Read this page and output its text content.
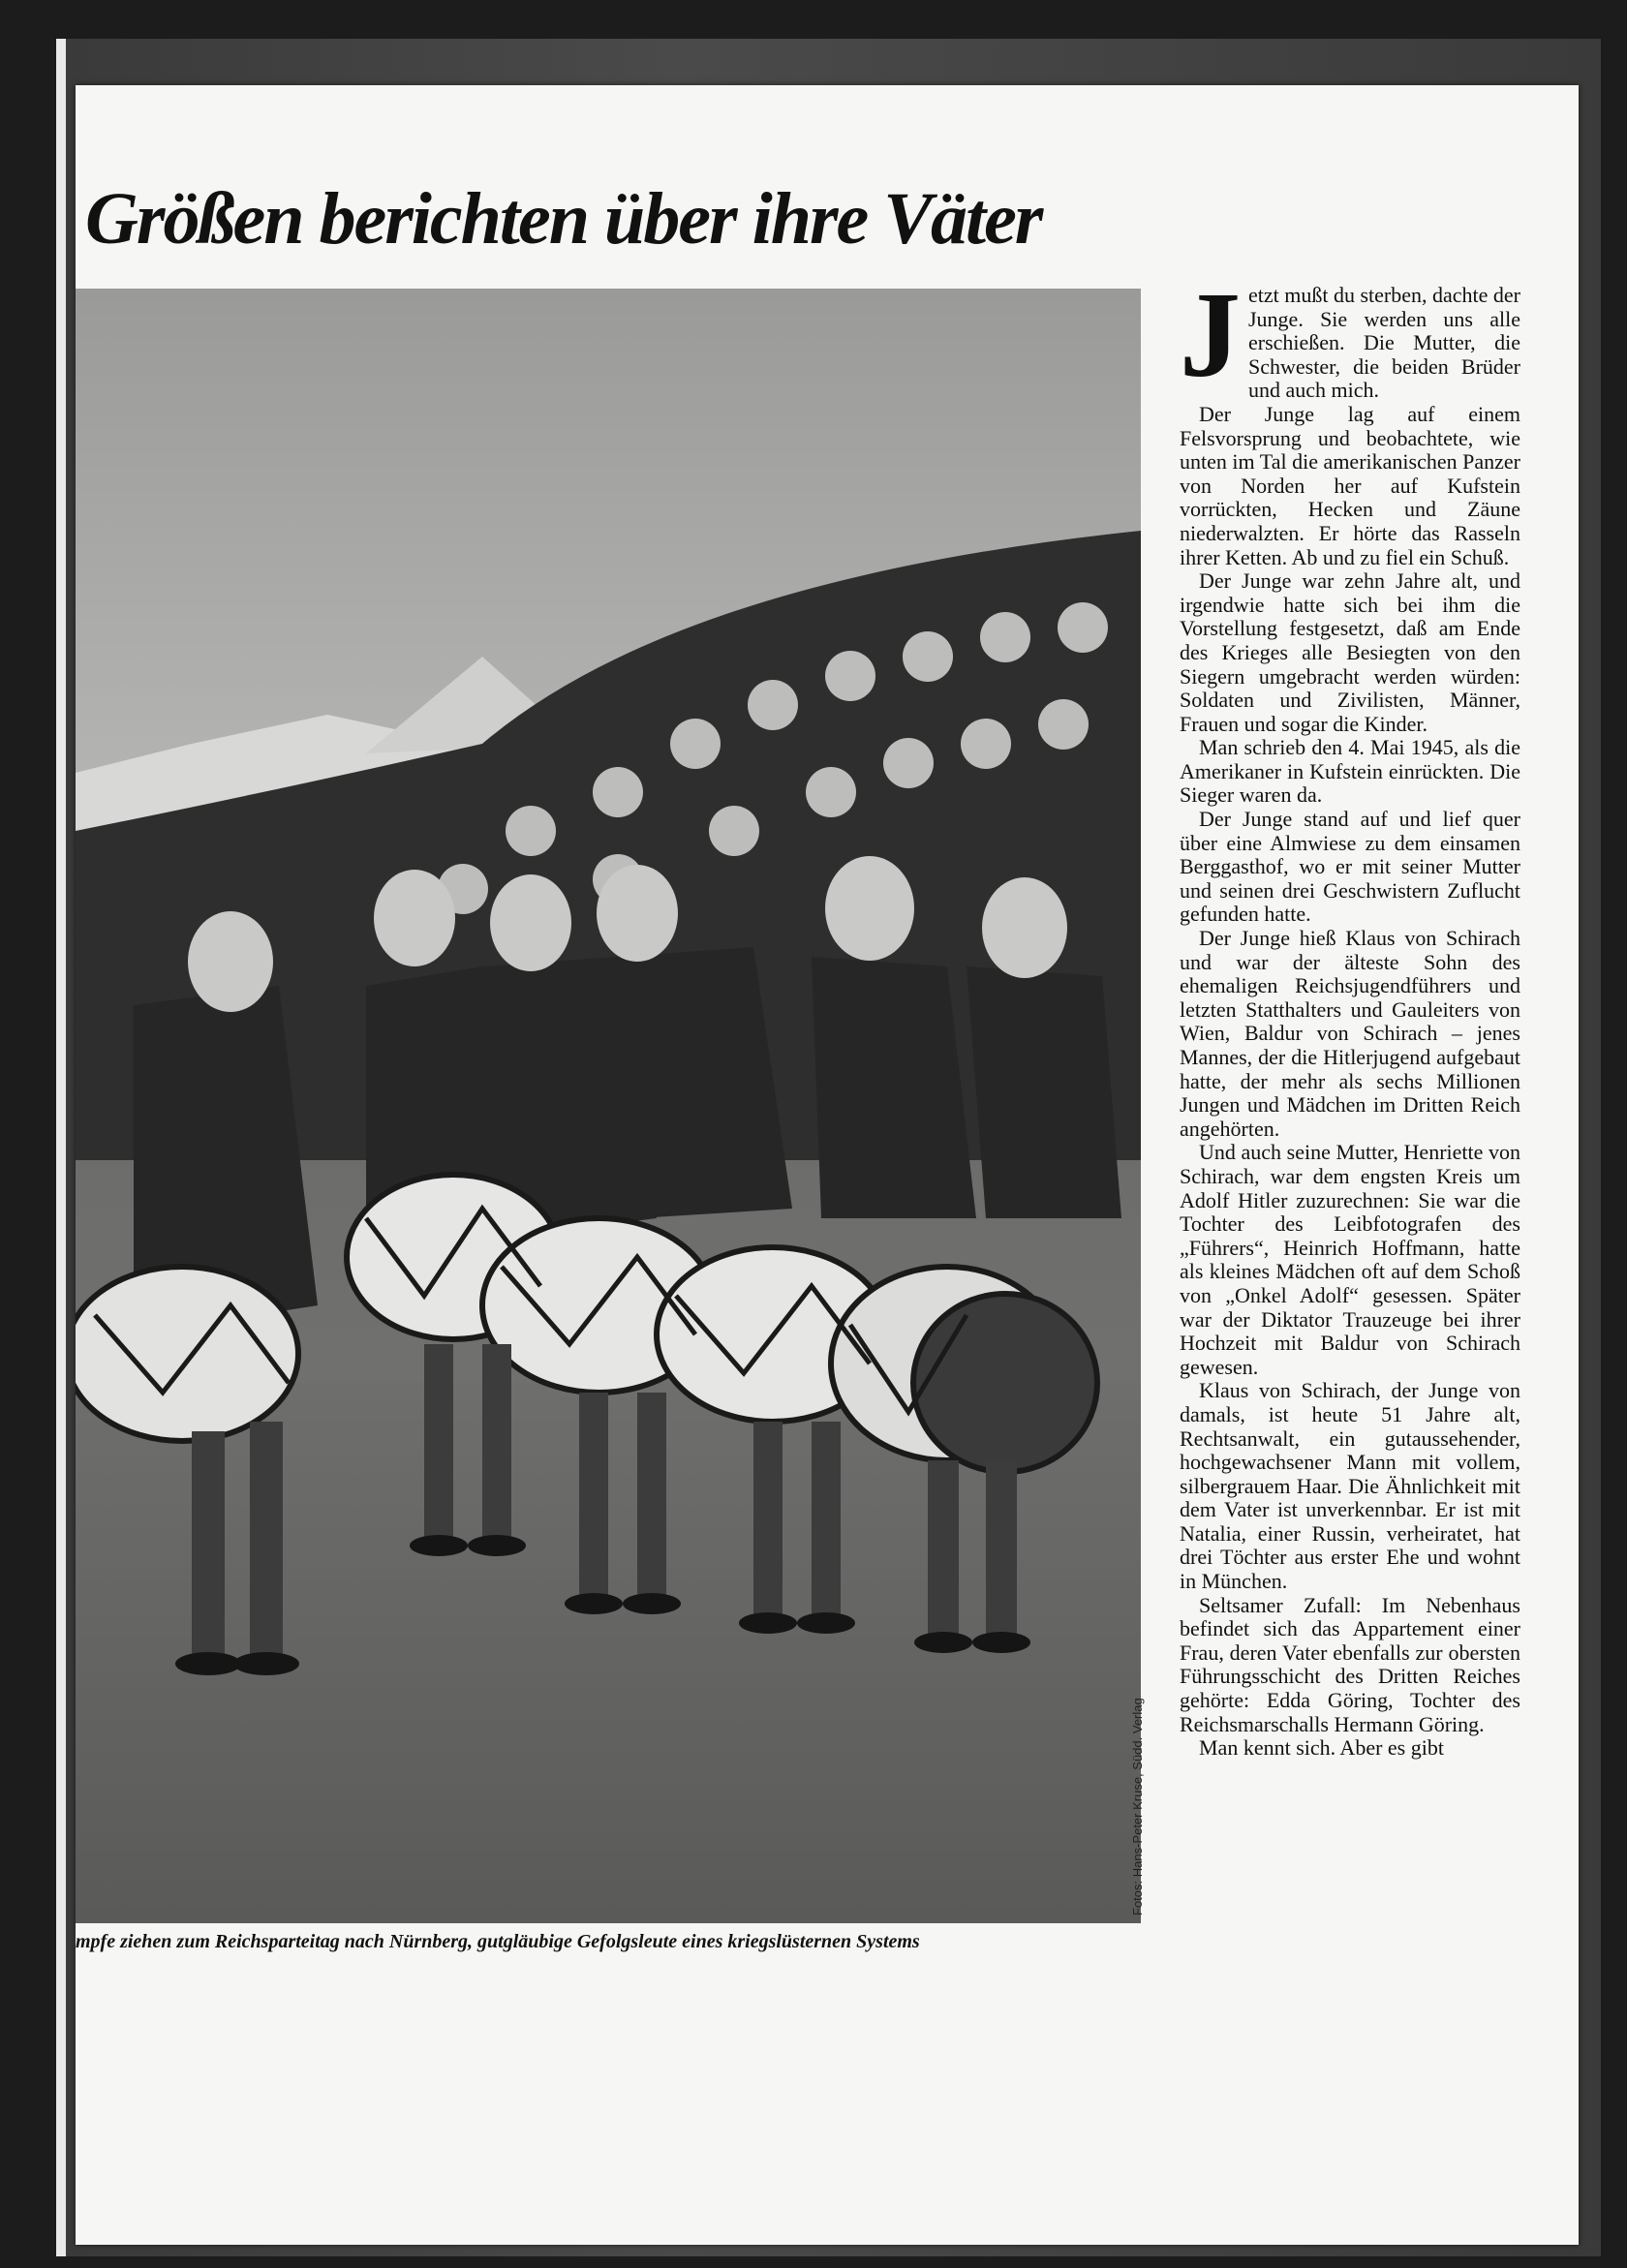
Größen berichten über ihre Väter
Fotos: Hans-Peter Kruse, Südd. Verlag

mpfe ziehen zum Reichsparteitag nach Nürnberg, gutgläubige Gefolgsleute eines kriegslüsternen Systems

J etzt mußt du sterben, dachte der Junge. Sie werden uns alle erschießen. Die Mutter, die Schwester, die beiden Brüder und auch mich.

Der Junge lag auf einem Felsvorsprung und beobachtete, wie unten im Tal die amerikanischen Panzer von Norden her auf Kufstein vorrückten, Hecken und Zäune niederwalzten. Er hörte das Rasseln ihrer Ketten. Ab und zu fiel ein Schuß.

Der Junge war zehn Jahre alt, und irgendwie hatte sich bei ihm die Vorstellung festgesetzt, daß am Ende des Krieges alle Besiegten von den Siegern umgebracht werden würden: Soldaten und Zivilisten, Männer, Frauen und sogar die Kinder.

Man schrieb den 4. Mai 1945, als die Amerikaner in Kufstein einrückten. Die Sieger waren da.

Der Junge stand auf und lief quer über eine Almwiese zu dem einsamen Berggasthof, wo er mit seiner Mutter und seinen drei Geschwistern Zuflucht gefunden hatte.

Der Junge hieß Klaus von Schirach und war der älteste Sohn des ehemaligen Reichsjugendführers und letzten Statthalters und Gauleiters von Wien, Baldur von Schirach – jenes Mannes, der die Hitlerjugend aufgebaut hatte, der mehr als sechs Millionen Jungen und Mädchen im Dritten Reich angehörten.

Und auch seine Mutter, Henriette von Schirach, war dem engsten Kreis um Adolf Hitler zuzurechnen: Sie war die Tochter des Leibfotografen des „Führers“, Heinrich Hoffmann, hatte als kleines Mädchen oft auf dem Schoß von „Onkel Adolf“ gesessen. Später war der Diktator Trauzeuge bei ihrer Hochzeit mit Baldur von Schirach gewesen.

Klaus von Schirach, der Junge von damals, ist heute 51 Jahre alt, Rechtsanwalt, ein gutaussehender, hochgewachsener Mann mit vollem, silbergrauem Haar. Die Ähnlichkeit mit dem Vater ist unverkennbar. Er ist mit Natalia, einer Russin, verheiratet, hat drei Töchter aus erster Ehe und wohnt in München.

Seltsamer Zufall: Im Nebenhaus befindet sich das Appartement einer Frau, deren Vater ebenfalls zur obersten Führungsschicht des Dritten Reiches gehörte: Edda Göring, Tochter des Reichsmarschalls Hermann Göring.

Man kennt sich. Aber es gibt
